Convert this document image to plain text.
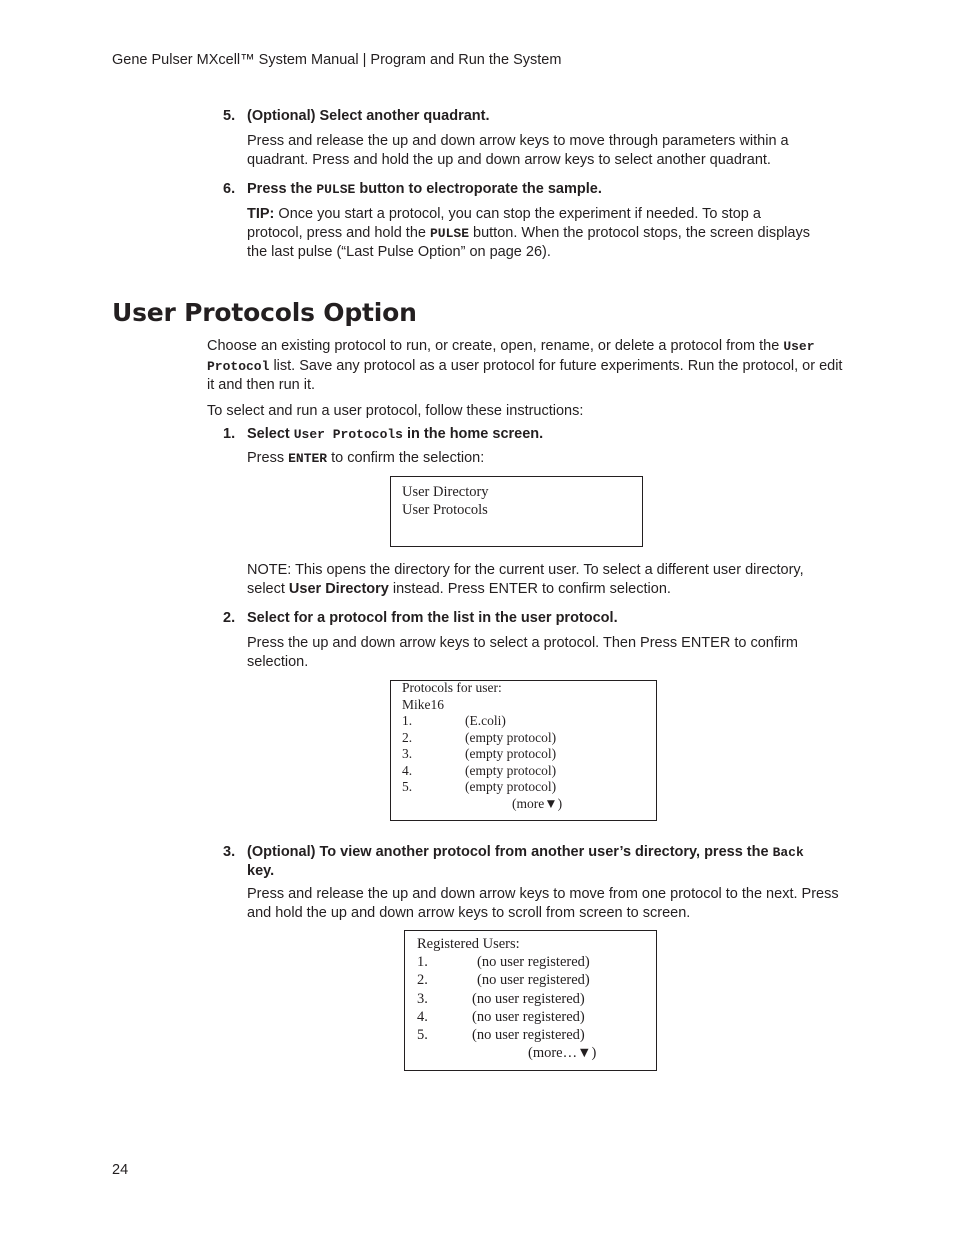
Gene Pulser MXcell™ System Manual | Program and Run the System
5. (Optional) Select another quadrant.
Press and release the up and down arrow keys to move through parameters within a quadrant. Press and hold the up and down arrow keys to select another quadrant.
6. Press the PULSE button to electroporate the sample.
TIP: Once you start a protocol, you can stop the experiment if needed. To stop a protocol, press and hold the PULSE button. When the protocol stops, the screen displays the last pulse (“Last Pulse Option” on page 26).
User Protocols Option
Choose an existing protocol to run, or create, open, rename, or delete a protocol from the User Protocol list. Save any protocol as a user protocol for future experiments. Run the protocol, or edit it and then run it.
To select and run a user protocol, follow these instructions:
1. Select User Protocols in the home screen.
Press ENTER to confirm the selection:
User Directory
User Protocols
NOTE: This opens the directory for the current user. To select a different user directory, select User Directory instead. Press ENTER to confirm selection.
2. Select for a protocol from the list in the user protocol.
Press the up and down arrow keys to select a protocol. Then Press ENTER to confirm selection.
Protocols for user:
Mike16
1.	(E.coli)
2.	(empty protocol)
3.	(empty protocol)
4.	(empty protocol)
5.	(empty protocol)
(more▼)
3. (Optional) To view another protocol from another user’s directory, press the Back
key.
Press and release the up and down arrow keys to move from one protocol to the next. Press and hold the up and down arrow keys to scroll from screen to screen.
Registered Users:
1.	(no user registered)
2.	(no user registered)
3.	(no user registered)
4.	(no user registered)
5.	(no user registered)
(more…▼)
24
